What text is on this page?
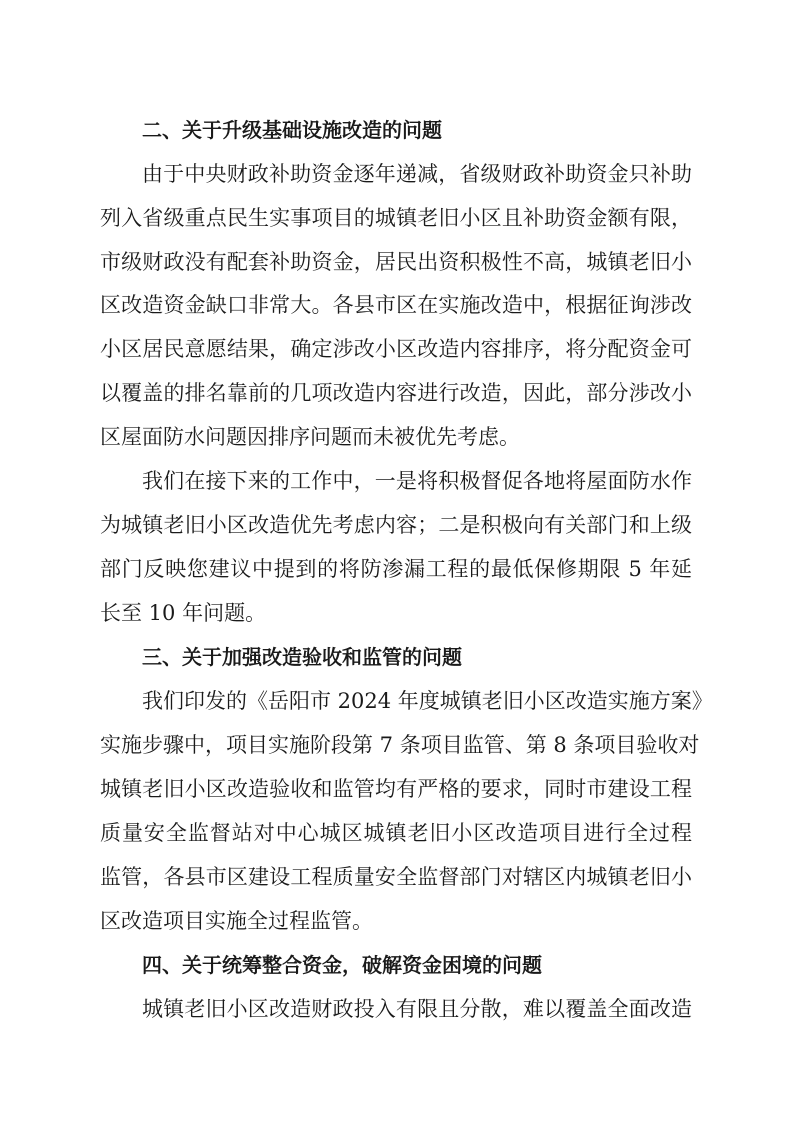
二、关于升级基础设施改造的问题
由于中央财政补助资金逐年递减，省级财政补助资金只补助
列入省级重点民生实事项目的城镇老旧小区且补助资金额有限，
市级财政没有配套补助资金，居民出资积极性不高，城镇老旧小
区改造资金缺口非常大。各县市区在实施改造中，根据征询涉改
小区居民意愿结果，确定涉改小区改造内容排序，将分配资金可
以覆盖的排名靠前的几项改造内容进行改造，因此，部分涉改小
区屋面防水问题因排序问题而未被优先考虑。
我们在接下来的工作中，一是将积极督促各地将屋面防水作
为城镇老旧小区改造优先考虑内容；二是积极向有关部门和上级
部门反映您建议中提到的将防渗漏工程的最低保修期限 5 年延
长至 10 年问题。
三、关于加强改造验收和监管的问题
我们印发的《岳阳市 2024 年度城镇老旧小区改造实施方案》
实施步骤中，项目实施阶段第 7 条项目监管、第 8 条项目验收对
城镇老旧小区改造验收和监管均有严格的要求，同时市建设工程
质量安全监督站对中心城区城镇老旧小区改造项目进行全过程
监管，各县市区建设工程质量安全监督部门对辖区内城镇老旧小
区改造项目实施全过程监管。
四、关于统筹整合资金，破解资金困境的问题
城镇老旧小区改造财政投入有限且分散，难以覆盖全面改造
